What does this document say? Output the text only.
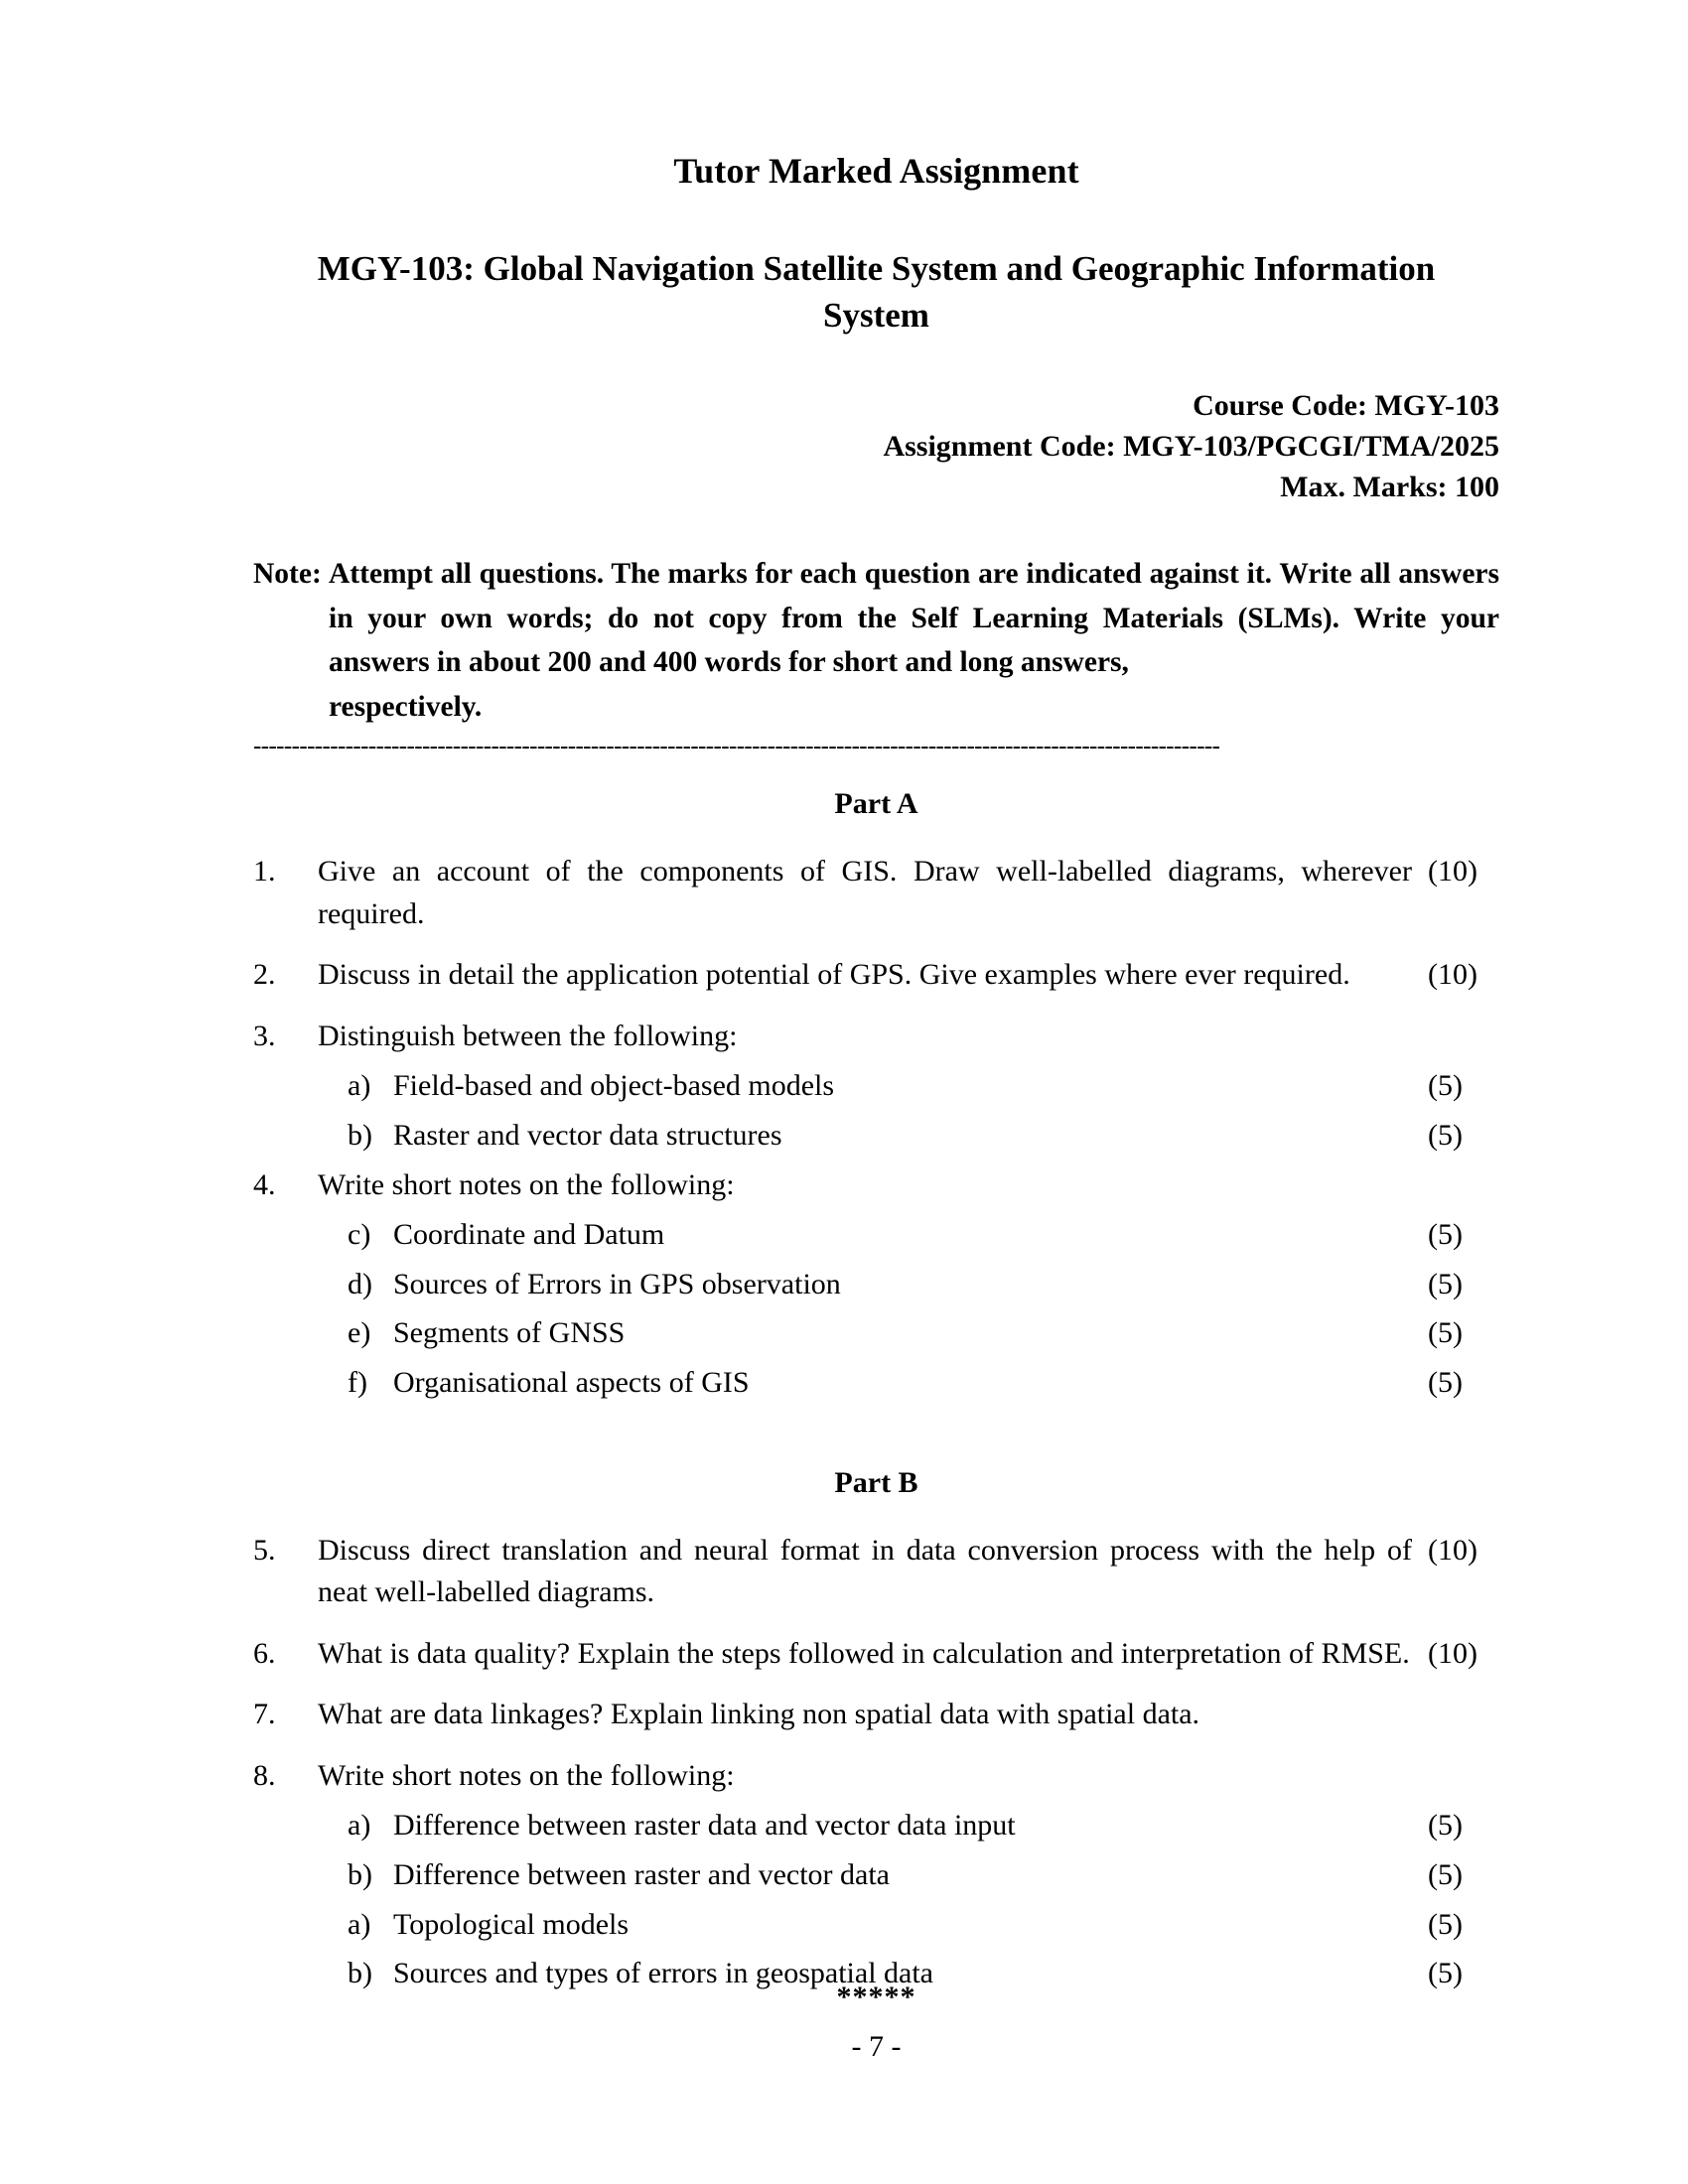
Tutor Marked Assignment
MGY-103: Global Navigation Satellite System and Geographic Information System
Course Code: MGY-103
Assignment Code: MGY-103/PGCGI/TMA/2025
Max. Marks: 100
Note: Attempt all questions. The marks for each question are indicated against it. Write all answers in your own words; do not copy from the Self Learning Materials (SLMs). Write your answers in about 200 and 400 words for short and long answers,
respectively.
------------------------------------------------------------------------------------------------------------------------------
Part A
1.	Give an account of the components of GIS. Draw well-labelled diagrams, wherever required.
(10)
2.	Discuss in detail the application potential of GPS. Give examples where ever required.	(10)
3.	Distinguish between the following:
a) Field-based and object-based models	(5)
b) Raster and vector data structures	(5)
4.	Write short notes on the following:
c) Coordinate and Datum	(5)
d) Sources of Errors in GPS observation	(5)
e) Segments of GNSS	(5)
f) Organisational aspects of GIS	(5)
Part B
5.	Discuss direct translation and neural format in data conversion process with the help of neat well-labelled diagrams.
(10)
6.	What is data quality? Explain the steps followed in calculation and interpretation of RMSE. (10)
7.	What are data linkages? Explain linking non spatial data with spatial data.
8.	Write short notes on the following:
a) Difference between raster data and vector data input	(5)
b) Difference between raster and vector data	(5)
a) Topological models	(5)
b) Sources and types of errors in geospatial data	(5)
*****
- 7 -
